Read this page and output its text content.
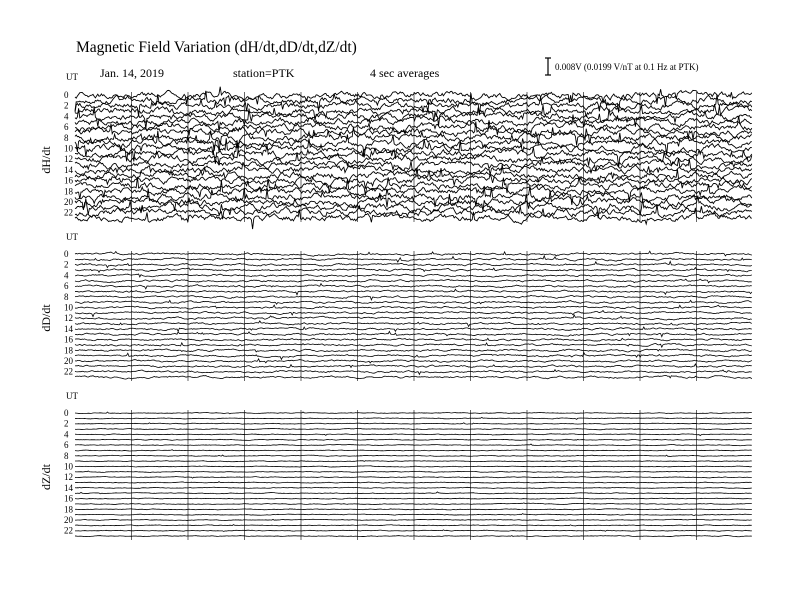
Magnetic Field Variation (dH/dt,dD/dt,dZ/dt)
Jan. 14, 2019	station=PTK	4 sec averages	0.008V (0.0199 V/nT at 0.1 Hz at PTK)
UT
dH/dt
0
2
4
6
8
10
12
14
16
18
20
22
UT
dD/dt
0
2
4
6
8
10
12
14
16
18
20
22
UT
dZ/dt
0
2
4
6
8
10
12
14
16
18
20
22
